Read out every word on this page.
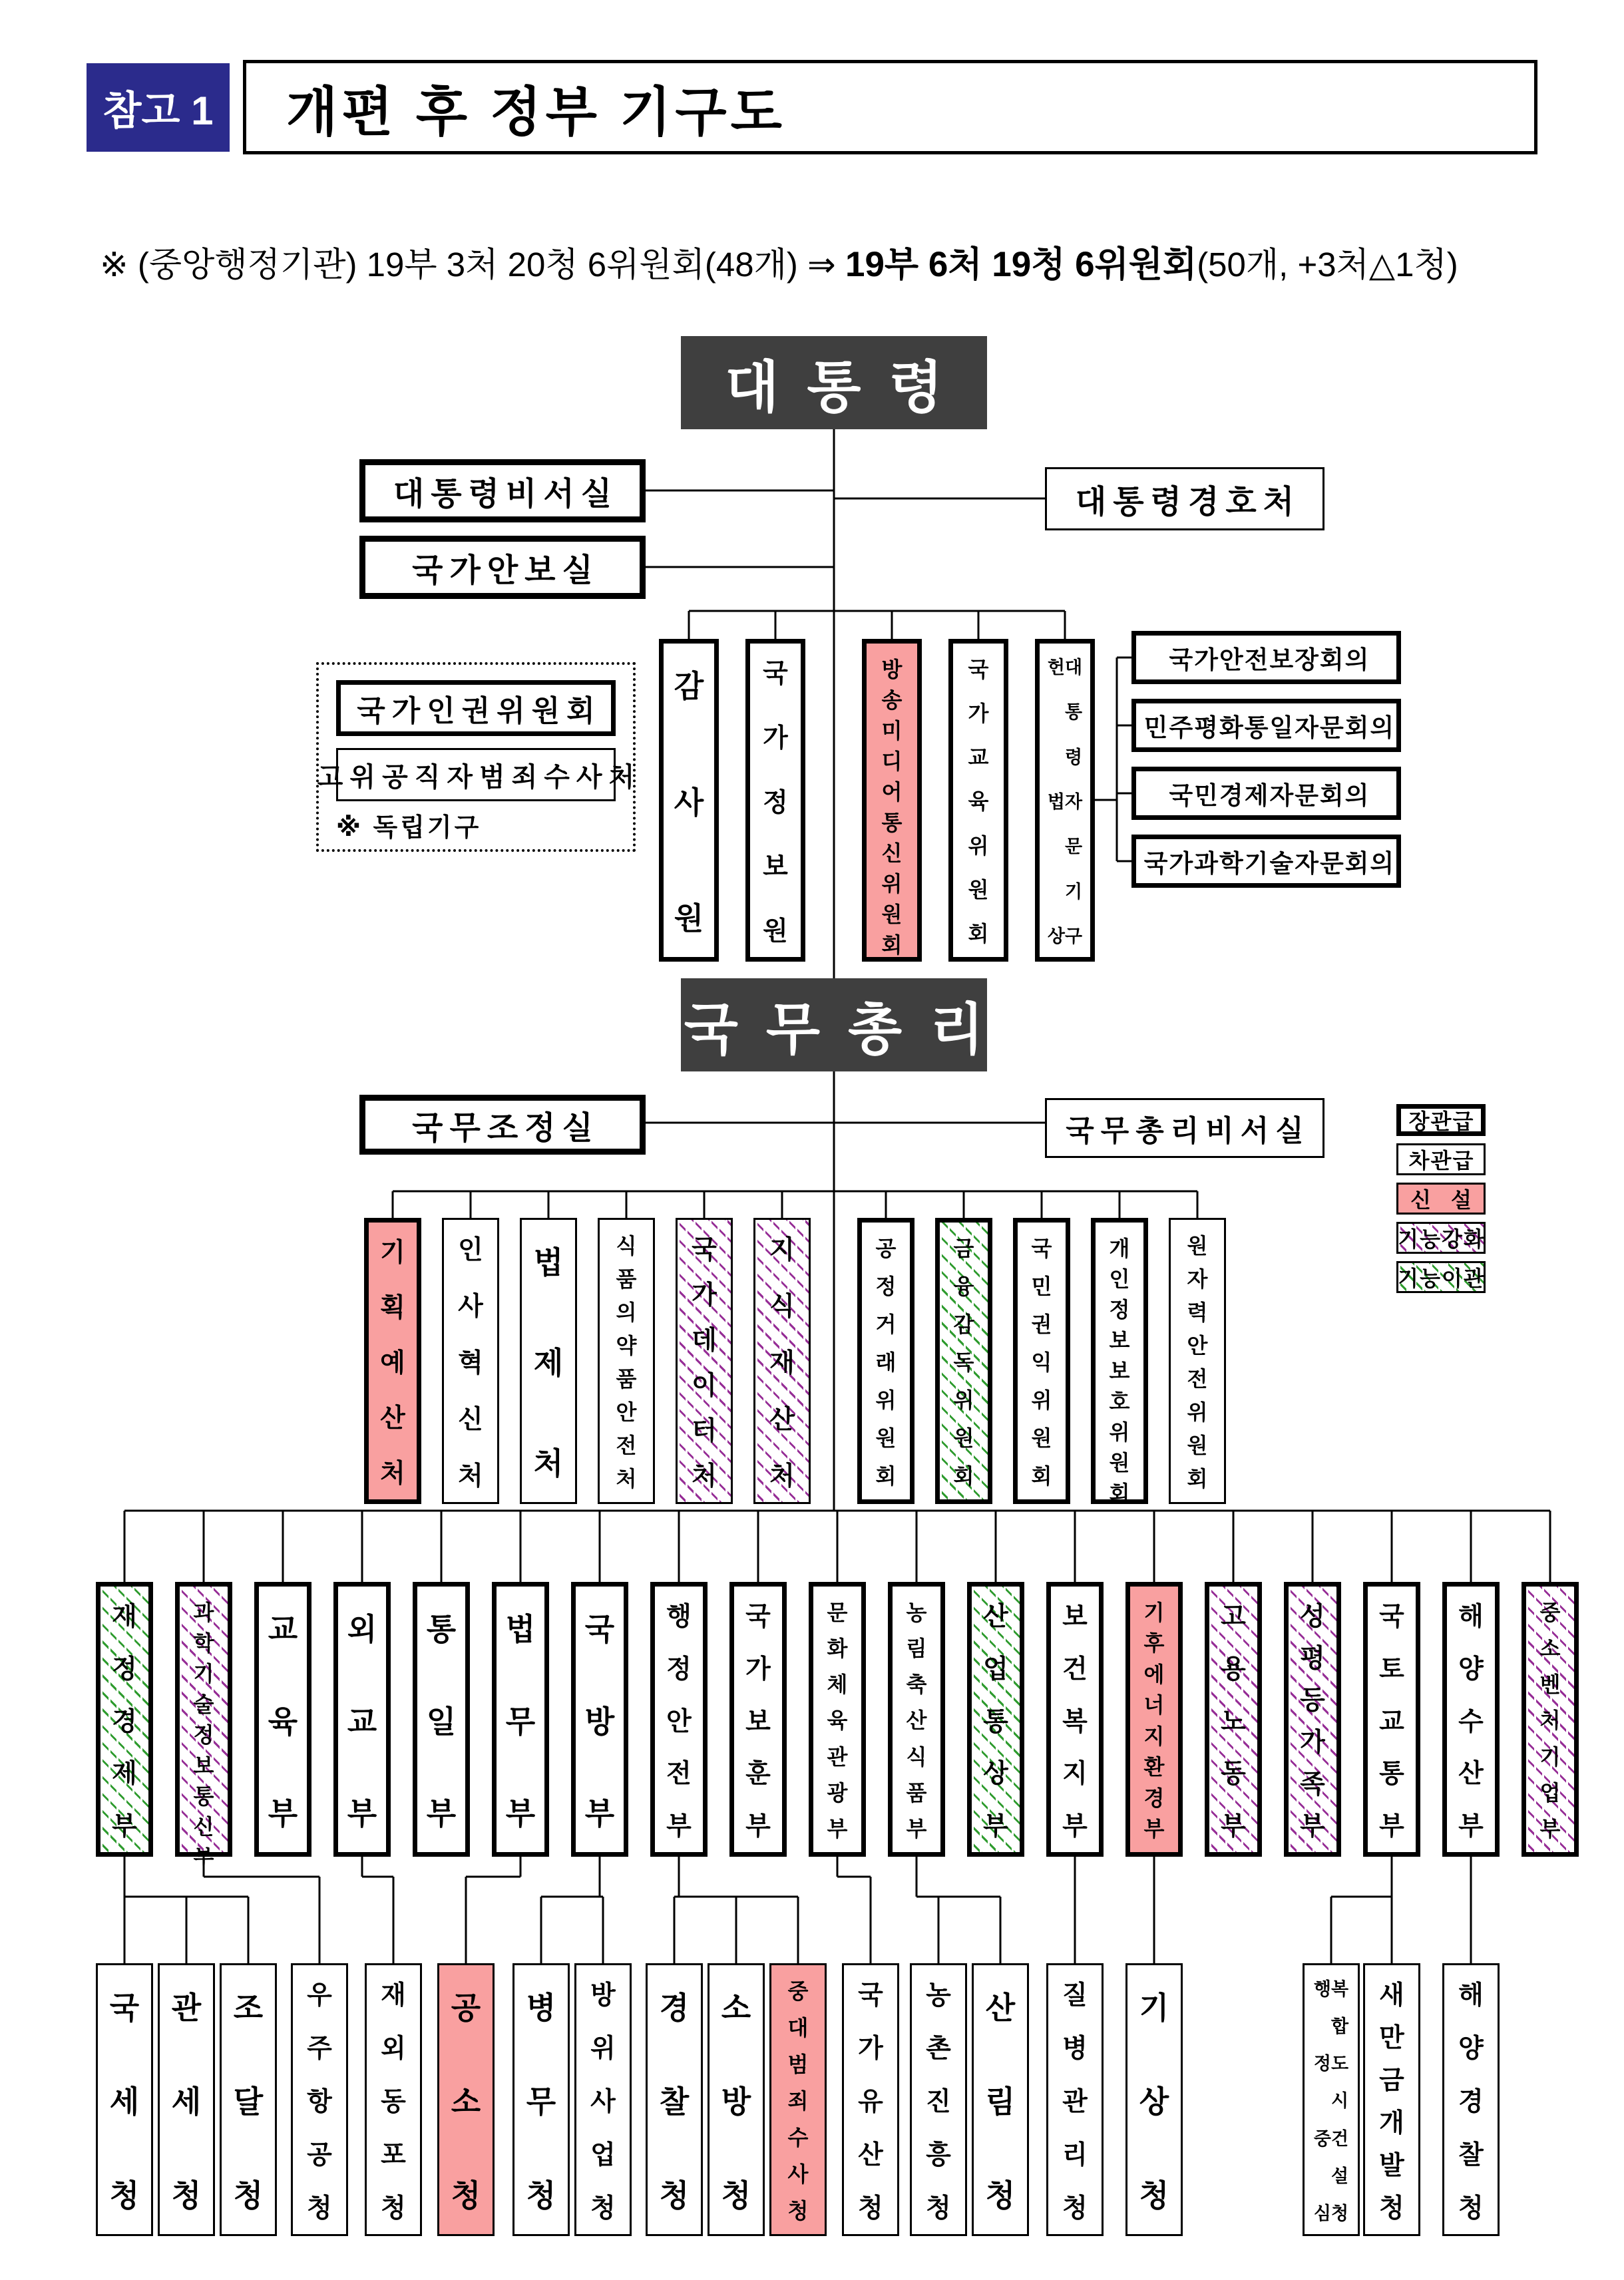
참고 1 개편 후 정부 기구도
※ (중앙행정기관) 19부 3처 20청 6위원회(48개) ⇒ 19부 6처 19청 6위원회(50개, +3처△1청)
대통령
대통령비서실
국가안보실
대통령경호처
국가인권위원회
고위공직자범죄수사처
※ 독립기구
국무총리
국무조정실	국무총리비서실
감
사
원
국
가
정
보
원
방
송
미
디
어
통
신
위
원
회
국
가
교
육
위
원
회
헌
법
상
대
통
령
자
문
기
구
기
획
예
산
처
인
사
혁
신
처
법
제
처
식
품
의
약
품
안
전
처
국
가
데
이
터
처
지
식
재
산
처
공
정
거
래
위
원
회
금
융
감
독
위
원
회
국
민
권
익
위
원
회
개
인
정
보
보
호
위
원
회
원
자
력
안
전
위
원
회
재
정
경
제
부
과
학
기
술
정
보
통
신
부
교
육
부
외
교
부
통
일
부
법
무
부
국
방
부
행
정
안
전
부
국
가
보
훈
부
문
화
체
육
관
광
부
농
림
축
산
식
품
부
산
업
통
상
부
보
건
복
지
부
기
후
에
너
지
환
경
부
고
용
노
동
부
성
평
등
가
족
부
국
토
교
통
부
해
양
수
산
부
중
소
벤
처
기
업
부
국
세
청
관
세
청
조
달
청
우
주
항
공
청
재
외
동
포
청
공
소
청
병
무
청
방
위
사
업
청
경
찰
청
소
방
청
중
대
범
죄
수
사
청
국
가
유
산
청
농
촌
진
흥
청
산
림
청
질
병
관
리
청
기
상
청
행
정
중
심
복
합
도
시
건
설
청
새
만
금
개
발
청
해
양
경
찰
청
국가안전보장회의
민주평화통일자문회의
국민경제자문회의
국가과학기술자문회의
장관급
차관급
신설
기능강화
기능이관
